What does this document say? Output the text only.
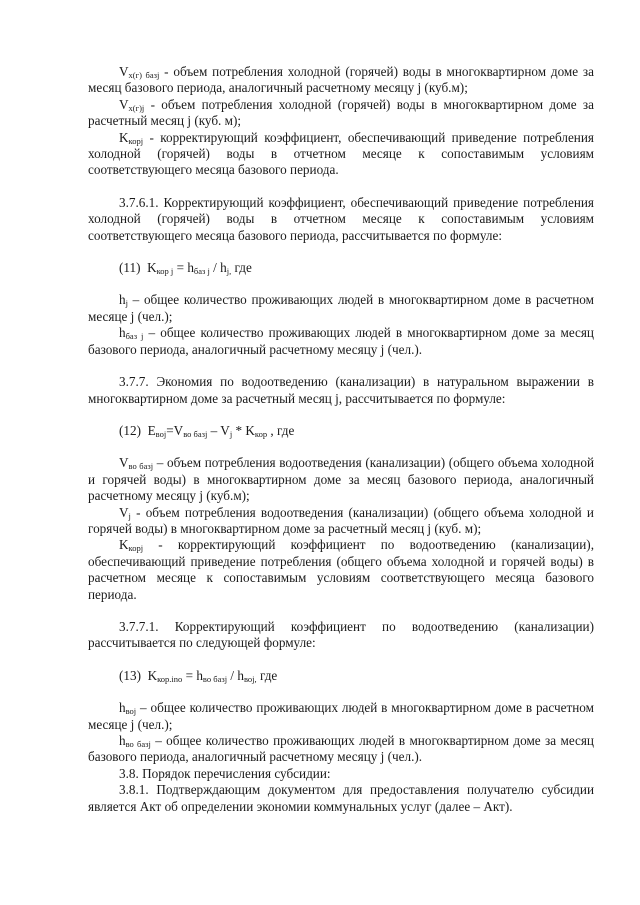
$V_{x(г) базj}$ - объем потребления холодной (горячей) воды в многоквартирном доме за месяц базового периода, аналогичный расчетному месяцу j (куб.м);

$V_{x(г)j}$ - объем потребления холодной (горячей) воды в многоквартирном доме за расчетный месяц j (куб. м);

$K_{корj}$ - корректирующий коэффициент, обеспечивающий приведение потребления холодной (горячей) воды в отчетном месяце к сопоставимым условиям соответствующего месяца базового периода.

3.7.6.1. Корректирующий коэффициент, обеспечивающий приведение потребления холодной (горячей) воды в отчетном месяце к сопоставимым условиям соответствующего месяца базового периода, рассчитывается по формуле:

(11) $K_{кор j} = h_{баз j} / h_{j,}$ где

$h_j$ – общее количество проживающих людей в многоквартирном доме в расчетном месяце j (чел.);

$h_{баз j}$ – общее количество проживающих людей в многоквартирном доме за месяц базового периода, аналогичный расчетному месяцу j (чел.).

3.7.7. Экономия по водоотведению (канализации) в натуральном выражении в многоквартирном доме за расчетный месяц j, рассчитывается по формуле:

(12) $E_{воj}=V_{во базj} - V_j * K_{кор}$ , где

$V_{во базj}$ – объем потребления водоотведения (канализации) (общего объема холодной и горячей воды) в многоквартирном доме за месяц базового периода, аналогичный расчетному месяцу j (куб.м);

$V_j$ - объем потребления водоотведения (канализации) (общего объема холодной и горячей воды) в многоквартирном доме за расчетный месяц j (куб. м);

$K_{корj}$ - корректирующий коэффициент по водоотведению (канализации), обеспечивающий приведение потребления (общего объема холодной и горячей воды) в расчетном месяце к сопоставимым условиям соответствующего месяца базового периода.

3.7.7.1. Корректирующий коэффициент по водоотведению (канализации) рассчитывается по следующей формуле:

(13) $K_{кор.ino} = h_{во базj} / h_{воj,}$ где

$h_{воj}$ – общее количество проживающих людей в многоквартирном доме в расчетном месяце j (чел.);

$h_{во базj}$ – общее количество проживающих людей в многоквартирном доме за месяц базового периода, аналогичный расчетному месяцу j (чел.).

3.8. Порядок перечисления субсидии:

3.8.1. Подтверждающим документом для предоставления получателю субсидии является Акт об определении экономии коммунальных услуг (далее – Акт).
